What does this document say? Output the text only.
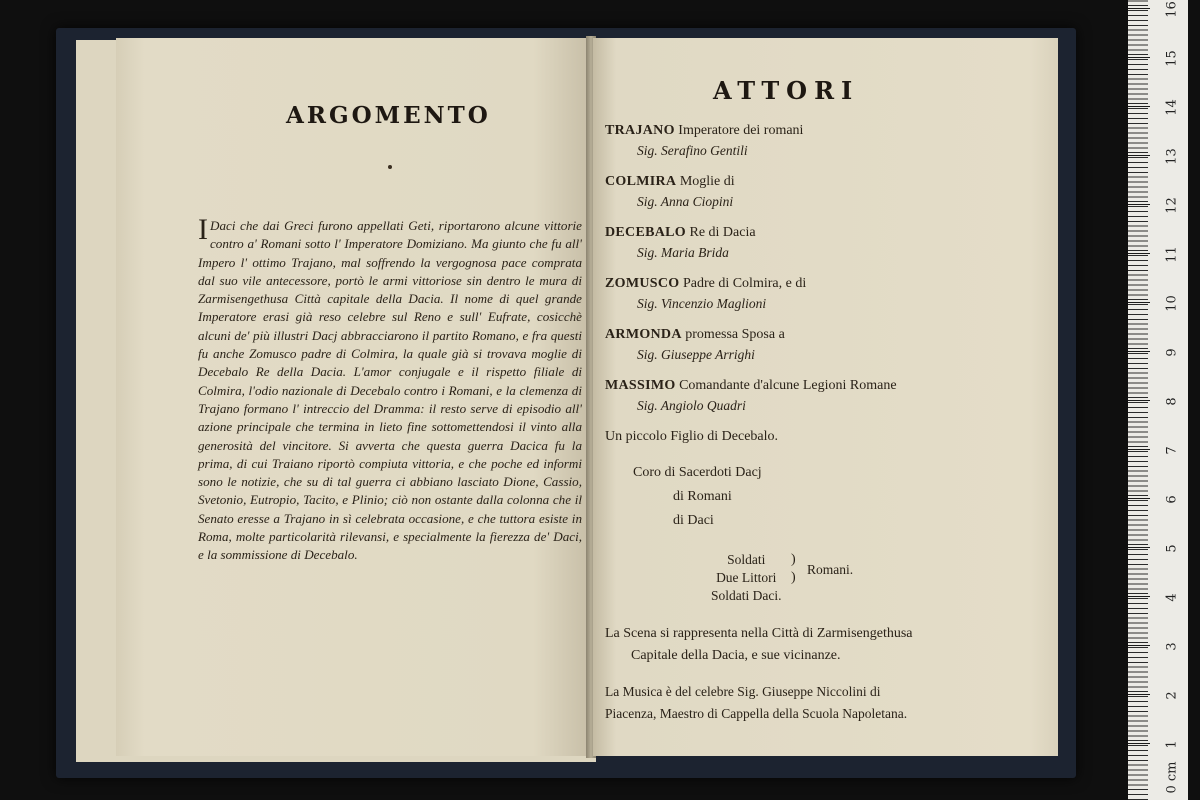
ARGOMENTO
I Daci che dai Greci furono appellati Geti, riportarono alcune vittorie contro a' Romani sotto l' Imperatore Domiziano. Ma giunto che fu all' Impero l' ottimo Trajano, mal soffrendo la vergognosa pace comprata dal suo vile antecessore, portò le armi vittoriose sin dentro le mura di Zarmisengethusa Città capitale della Dacia. Il nome di quel grande Imperatore erasi già reso celebre sul Reno e sull' Eufrate, cosicchè alcuni de' più illustri Dacj abbracciarono il partito Romano, e fra questi fu anche Zomusco padre di Colmira, la quale già si trovava moglie di Decebalo Re della Dacia. L'amor conjugale e il rispetto filiale di Colmira, l'odio nazionale di Decebalo contro i Romani, e la clemenza di Trajano formano l' intreccio del Dramma: il resto serve di episodio all' azione principale che termina in lieto fine sottomettendosi il vinto alla generosità del vincitore. Si avverta che questa guerra Dacica fu la prima, di cui Traiano riportò compiuta vittoria, e che poche ed informi sono le notizie, che su di tal guerra ci abbiano lasciato Dione, Cassio, Svetonio, Eutropio, Tacito, e Plinio; ciò non ostante dalla colonna che il Senato eresse a Trajano in sì celebrata occasione, e che tuttora esiste in Roma, molte particolarità rilevansi, e specialmente la fierezza de' Daci, e la sommissione di Decebalo.
ATTORI
TRAJANO Imperatore dei romani
Sig. Serafino Gentili
COLMIRA Moglie di
Sig. Anna Ciopini
DECEBALO Re di Dacia
Sig. Maria Brida
ZOMUSCO Padre di Colmira, e di
Sig. Vincenzio Maglioni
ARMONDA promessa Sposa a
Sig. Giuseppe Arrighi
MASSIMO Comandante d'alcune Legioni Romane
Sig. Angiolo Quadri
Un piccolo Figlio di Decebalo.
Coro di Sacerdoti Dacj
di Romani
di Daci
Soldati
Due Littori
Soldati Daci.
)
)
Romani.
La Scena si rappresenta nella Città di Zarmisengethusa
Capitale della Dacia, e sue vicinanze.
La Musica è del celebre Sig. Giuseppe Niccolini di
Piacenza, Maestro di Cappella della Scuola Napoletana.
16
15
14
13
12
11
10
9
8
7
6
5
4
3
2
1
0 cm
